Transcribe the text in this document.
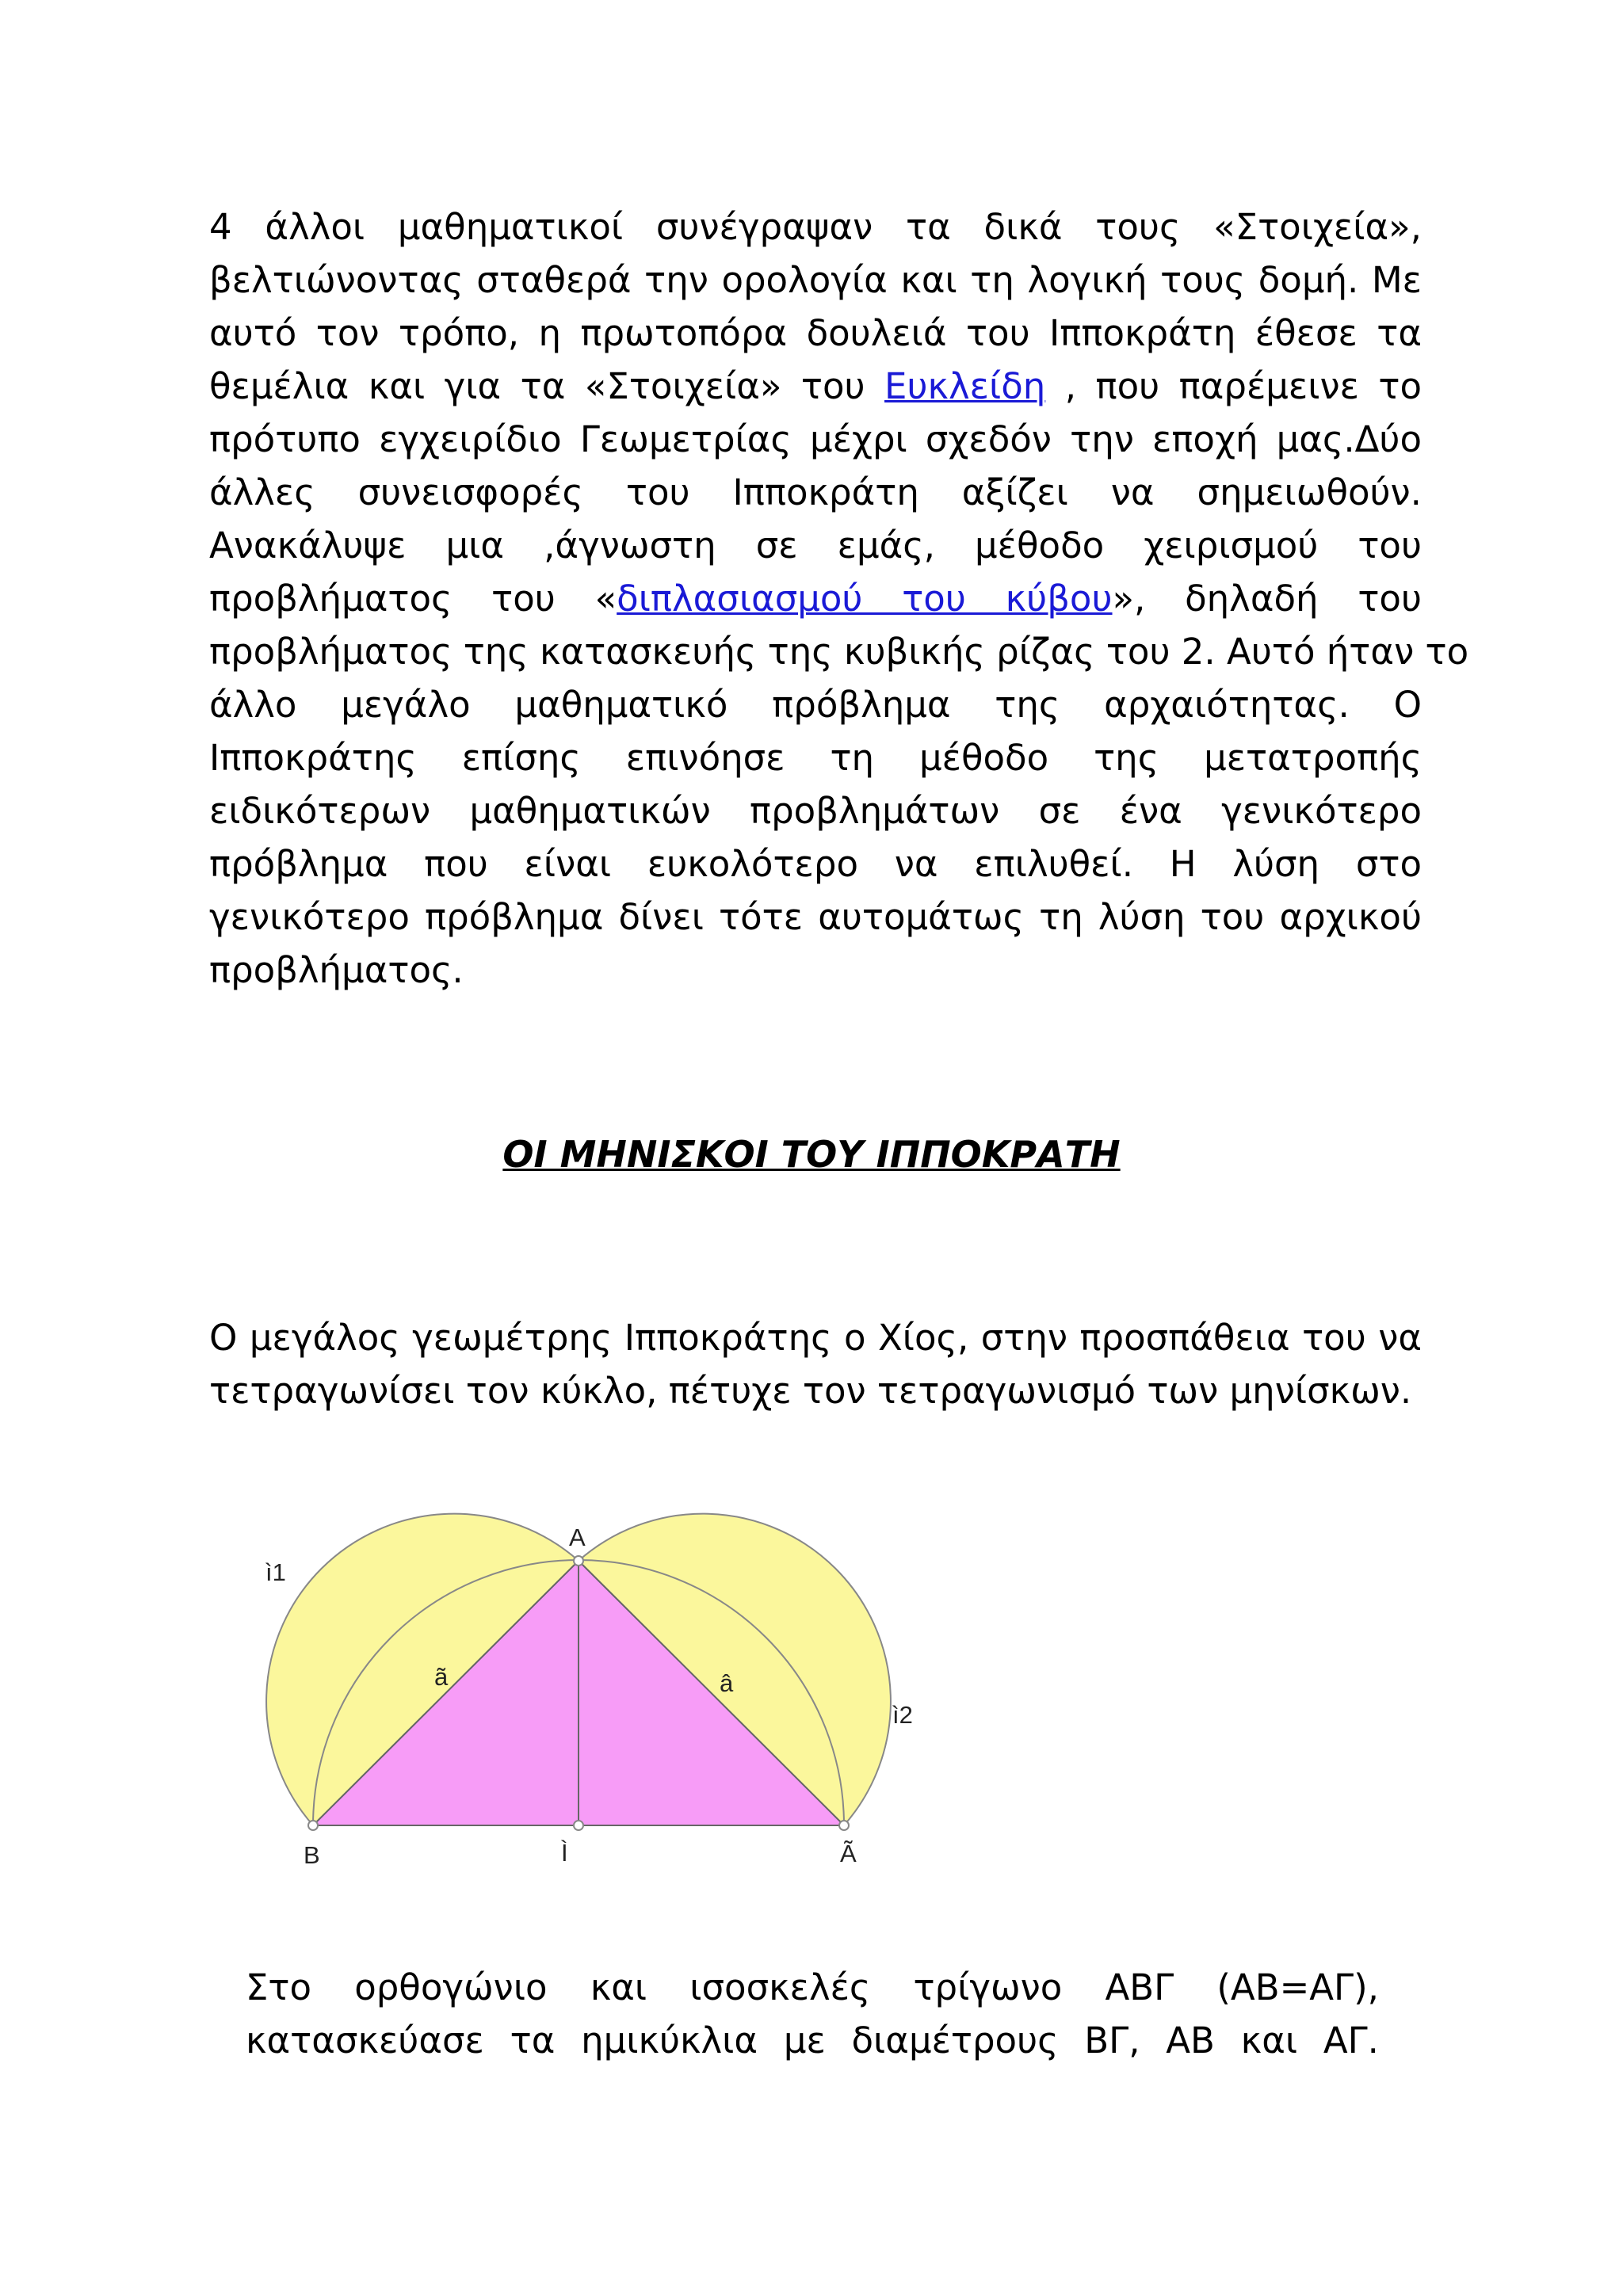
4 άλλοι μαθηματικοί συνέγραψαν τα δικά τους «Στοιχεία»,
βελτιώνοντας σταθερά την ορολογία και τη λογική τους δομή. Με
αυτό τον τρόπο, η πρωτοπόρα δουλειά του Ιπποκράτη έθεσε τα
θεμέλια και για τα «Στοιχεία» του Ευκλείδη , που παρέμεινε το
πρότυπο εγχειρίδιο Γεωμετρίας μέχρι σχεδόν την εποχή μας.Δύο
άλλες συνεισφορές του Ιπποκράτη αξίζει να σημειωθούν.
Ανακάλυψε μια ,άγνωστη σε εμάς, μέθοδο χειρισμού του
προβλήματος του «διπλασιασμού του κύβου», δηλαδή του
προβλήματος της κατασκευής της κυβικής ρίζας του 2. Αυτό ήταν το
άλλο μεγάλο μαθηματικό πρόβλημα της αρχαιότητας. Ο
Ιπποκράτης επίσης επινόησε τη μέθοδο της μετατροπής
ειδικότερων μαθηματικών προβλημάτων σε ένα γενικότερο
πρόβλημα που είναι ευκολότερο να επιλυθεί. Η λύση στο
γενικότερο πρόβλημα δίνει τότε αυτομάτως τη λύση του αρχικού
προβλήματος.
ΟΙ ΜΗΝΙΣΚΟΙ ΤΟΥ ΙΠΠΟΚΡΑΤΗ
Ο μεγάλος γεωμέτρης Ιπποκράτης ο Χίος, στην προσπάθεια του να
τετραγωνίσει τον κύκλο, πέτυχε τον τετραγωνισμό των μηνίσκων.
A
B	Ã
Ì
ì1
ì2
ã	â
Στο ορθογώνιο και ισοσκελές τρίγωνο ΑΒΓ (ΑΒ=ΑΓ),
κατασκεύασε τα ημικύκλια με διαμέτρους ΒΓ, ΑΒ και ΑΓ.
